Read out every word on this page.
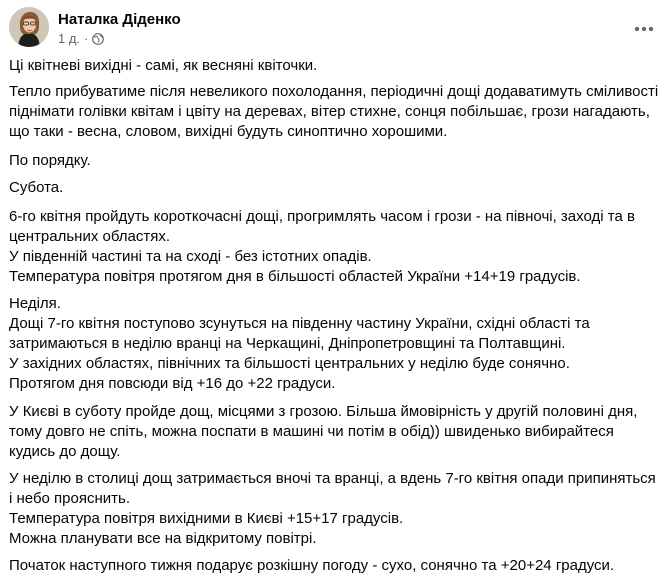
Наталка Діденко
1 д. ·

Ці квітневі вихідні - самі, як весняні квіточки.

Тепло прибуватиме після невеликого похолодання, періодичні дощі додаватимуть сміливості
піднімати голівки квітам і цвіту на деревах, вітер стихне, сонця побільшає, грози нагадають,
що таки - весна, словом, вихідні будуть синоптично хорошими.

По порядку.

Субота.

6-го квітня пройдуть короткочасні дощі, прогримлять часом і грози - на півночі, заході та в
центральних областях.
У південній частині та на сході - без істотних опадів.
Температура повітря протягом дня в більшості областей України +14+19 градусів.

Неділя.
Дощі 7-го квітня поступово зсунуться на південну частину України, східні області та
затримаються в неділю вранці на Черкащині, Дніпропетровщині та Полтавщині.
У західних областях, північних та більшості центральних у неділю буде сонячно.
Протягом дня повсюди від +16 до +22 градуси.

У Києві в суботу пройде дощ, місцями з грозою. Більша ймовірність у другій половині дня,
тому довго не спіть, можна поспати в машині чи потім в обід)) швиденько вибирайтеся
кудись до дощу.

У неділю в столиці дощ затримається вночі та вранці, а вдень 7-го квітня опади припиняться
і небо прояснить.
Температура повітря вихідними в Києві +15+17 градусів.

Можна планувати все на відкритому повітрі.

Початок наступного тижня подарує розкішну погоду - сухо, сонячно та +20+24 градуси.
